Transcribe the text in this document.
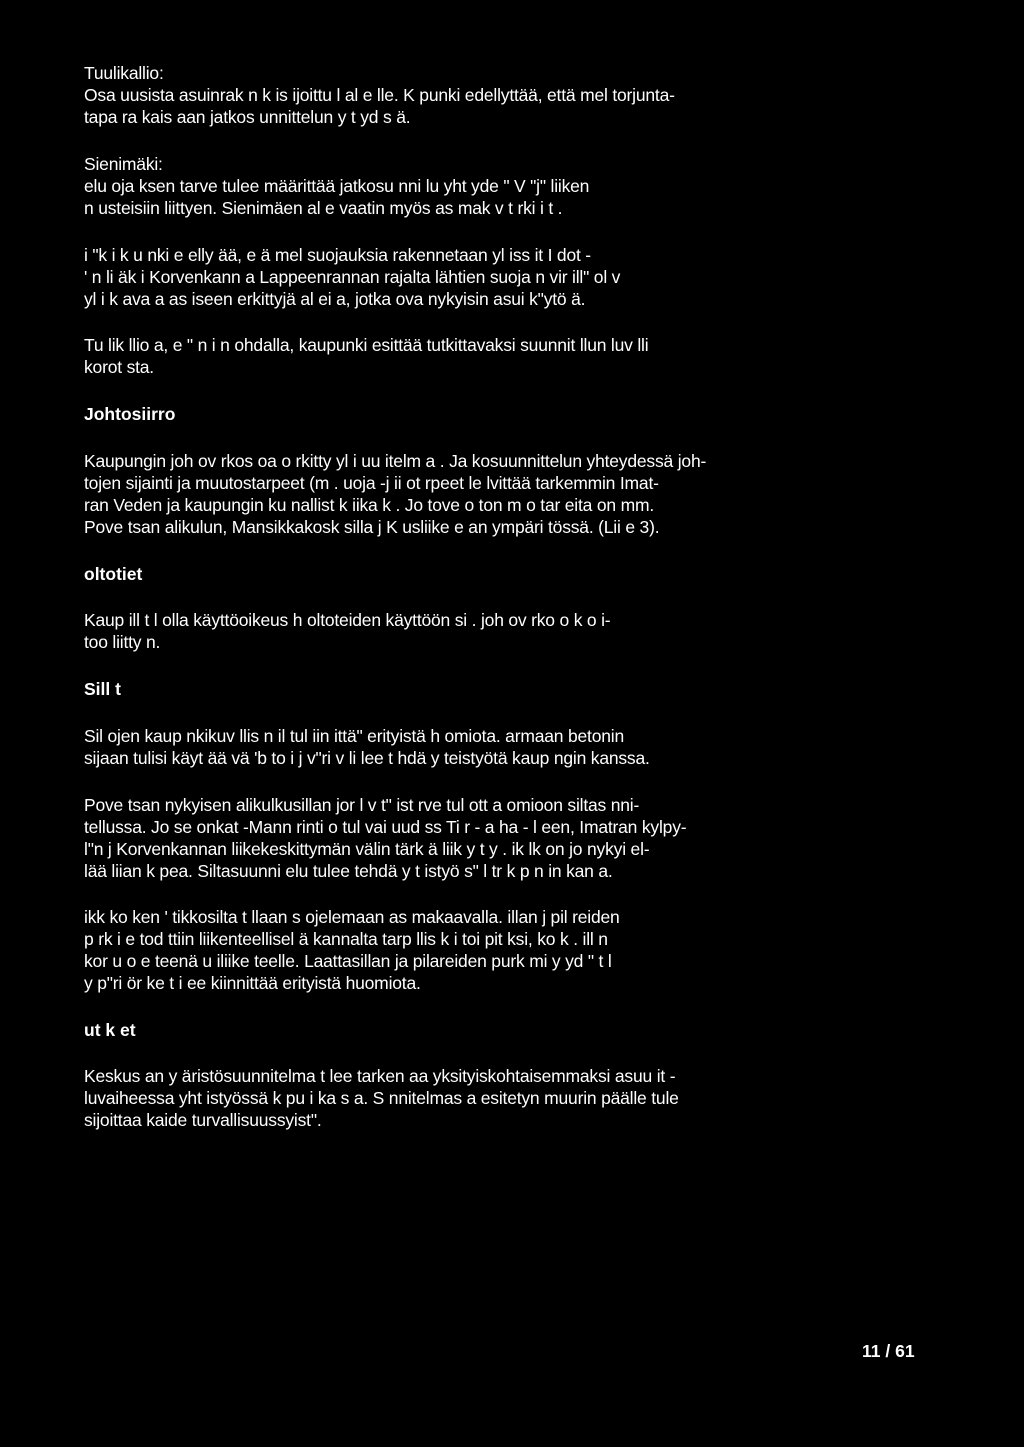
Tuulikallio:
Osa uusista asuinrak n k is ijoittu l al e lle. K punki edellyttää, että mel torjunta-
tapa ra kais aan jatkos unnittelun y t yd s ä.
Sienimäki:
elu oja ksen tarve tulee määrittää jatkosu nni lu yht yde " V "j" liiken
n usteisiin liittyen. Sienimäen al e vaatin myös as mak v t rki i t .
i "k i k u nki e elly ää, e ä mel suojauksia rakennetaan yl iss it I dot -
' n li äk i Korvenkann a Lappeenrannan rajalta lähtien suoja n vir ill" ol v
yl i k ava a as iseen erkittyjä al ei a, jotka ova nykyisin asui k"ytö ä.
Tu lik llio a, e " n i n ohdalla, kaupunki esittää tutkittavaksi suunnit llun luv lli
korot sta.
Johtosiirro
Kaupungin joh ov rkos oa o rkitty yl i uu itelm a . Ja kosuunnittelun yhteydessä joh-
tojen sijainti ja muutostarpeet (m . uoja -j ii ot rpeet le lvittää tarkemmin Imat-
ran Veden ja kaupungin ku nallist k iika k . Jo tove o ton m o tar eita on mm.
Pove tsan alikulun, Mansikkakosk silla j K usliike e an ympäri tössä. (Lii e 3).
oltotiet
Kaup ill t l olla käyttöoikeus h oltoteiden käyttöön si . joh ov rko o k o i-
too liitty n.
Sill t
Sil ojen kaup nkikuv llis n il tul iin ittä" erityistä h omiota. armaan betonin
sijaan tulisi käyt ää vä 'b to i j v"ri v li lee t hdä y teistyötä kaup ngin kanssa.
Pove tsan nykyisen alikulkusillan jor l v t" ist rve tul ott a omioon siltas nni-
tellussa. Jo se onkat -Mann rinti o tul vai uud ss Ti r - a ha - l een, Imatran kylpy-
l"n j Korvenkannan liikekeskittymän välin tärk ä liik y t y . ik lk on jo nykyi el-
lää liian k pea. Siltasuunni elu tulee tehdä y t istyö s" l tr k p n in kan a.
ikk ko ken ' tikkosilta t llaan s ojelemaan as makaavalla. illan j pil reiden
p rk i e tod ttiin liikenteellisel ä kannalta tarp llis k i toi pit ksi, ko k . ill n
kor u o e teenä u iliike teelle. Laattasillan ja pilareiden purk mi y yd " t l
y p"ri ör ke t i ee kiinnittää erityistä huomiota.
ut k et
Keskus an y äristösuunnitelma t lee tarken aa yksityiskohtaisemmaksi asuu it -
luvaiheessa yht istyössä k pu i ka s a. S nnitelmas a esitetyn muurin päälle tule
sijoittaa kaide turvallisuussyist".
11 / 61
